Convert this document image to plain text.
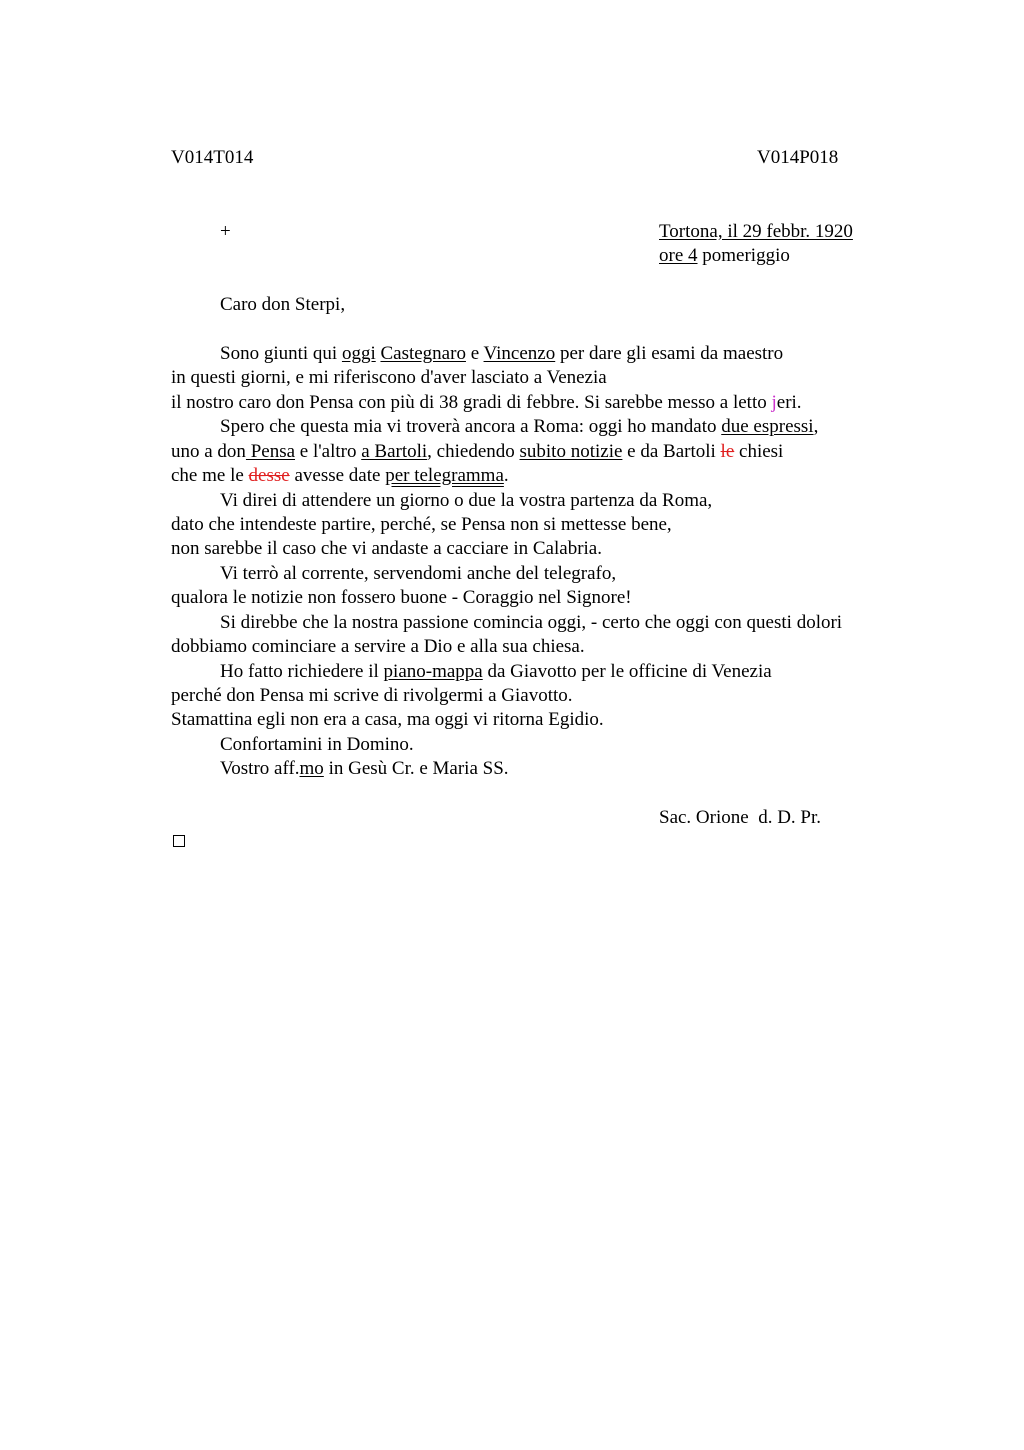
V014T014	V014P018
+	Tortona, il 29 febbr. 1920
ore 4 pomeriggio
Caro don Sterpi,
Sono giunti qui oggi Castegnaro e Vincenzo per dare gli esami da maestro
in questi giorni, e mi riferiscono d'aver lasciato a Venezia
il nostro caro don Pensa con più di 38 gradi di febbre. Si sarebbe messo a letto jeri.
Spero che questa mia vi troverà ancora a Roma: oggi ho mandato due espressi,
uno a don Pensa e l'altro a Bartoli, chiedendo subito notizie e da Bartoli le chiesi
che me le desse avesse date per telegramma.
Vi direi di attendere un giorno o due la vostra partenza da Roma,
dato che intendeste partire, perché, se Pensa non si mettesse bene,
non sarebbe il caso che vi andaste a cacciare in Calabria.
Vi terrò al corrente, servendomi anche del telegrafo,
qualora le notizie non fossero buone - Coraggio nel Signore!
Si direbbe che la nostra passione comincia oggi, - certo che oggi con questi dolori
dobbiamo cominciare a servire a Dio e alla sua chiesa.
Ho fatto richiedere il piano-mappa da Giavotto per le officine di Venezia
perché don Pensa mi scrive di rivolgermi a Giavotto.
Stamattina egli non era a casa, ma oggi vi ritorna Egidio.
Confortamini in Domino.
Vostro aff.mo in Gesù Cr. e Maria SS.
Sac. Orione  d. D. Pr.
